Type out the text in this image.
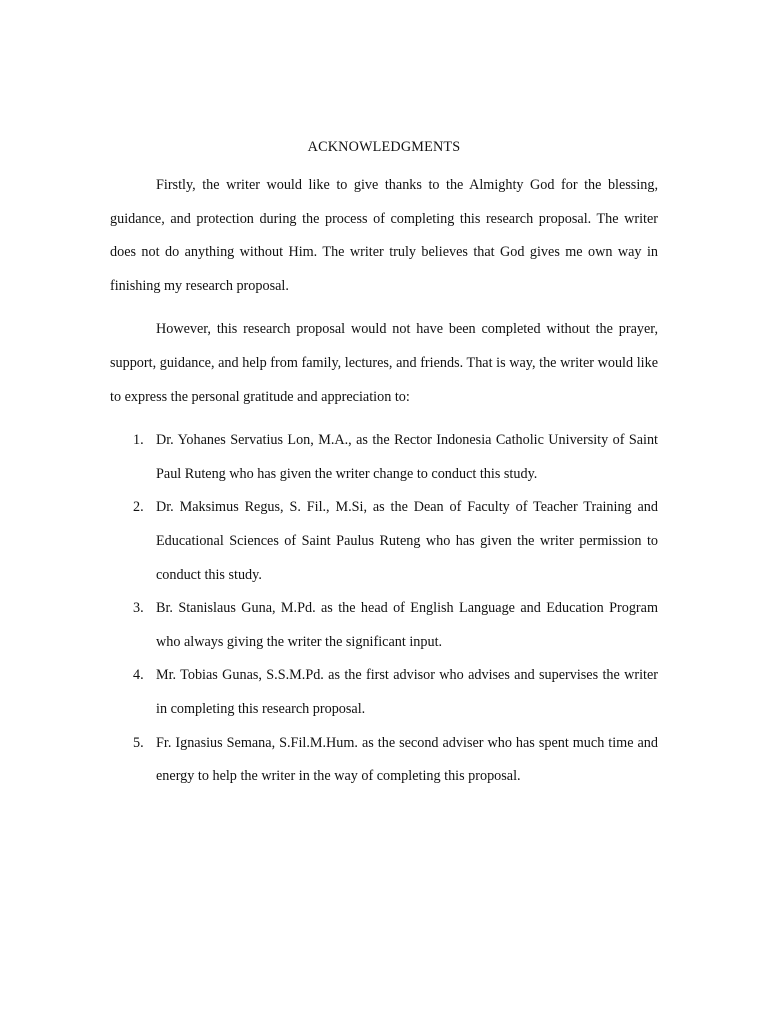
ACKNOWLEDGMENTS

Firstly, the writer would like to give thanks to the Almighty God for the blessing, guidance, and protection during the process of completing this research proposal. The writer does not do anything without Him. The writer truly believes that God gives me own way in finishing my research proposal.

However, this research proposal would not have been completed without the prayer, support, guidance, and help from family, lectures, and friends. That is way, the writer would like to express the personal gratitude and appreciation to:

1. Dr. Yohanes Servatius Lon, M.A., as the Rector Indonesia Catholic University of Saint Paul Ruteng who has given the writer change to conduct this study.
2. Dr. Maksimus Regus, S. Fil., M.Si, as the Dean of Faculty of Teacher Training and Educational Sciences of Saint Paulus Ruteng who has given the writer permission to conduct this study.
3. Br. Stanislaus Guna, M.Pd. as the head of English Language and Education Program who always giving the writer the significant input.
4. Mr. Tobias Gunas, S.S.M.Pd. as the first advisor who advises and supervises the writer in completing this research proposal.
5. Fr. Ignasius Semana, S.Fil.M.Hum. as the second adviser who has spent much time and energy to help the writer in the way of completing this proposal.
